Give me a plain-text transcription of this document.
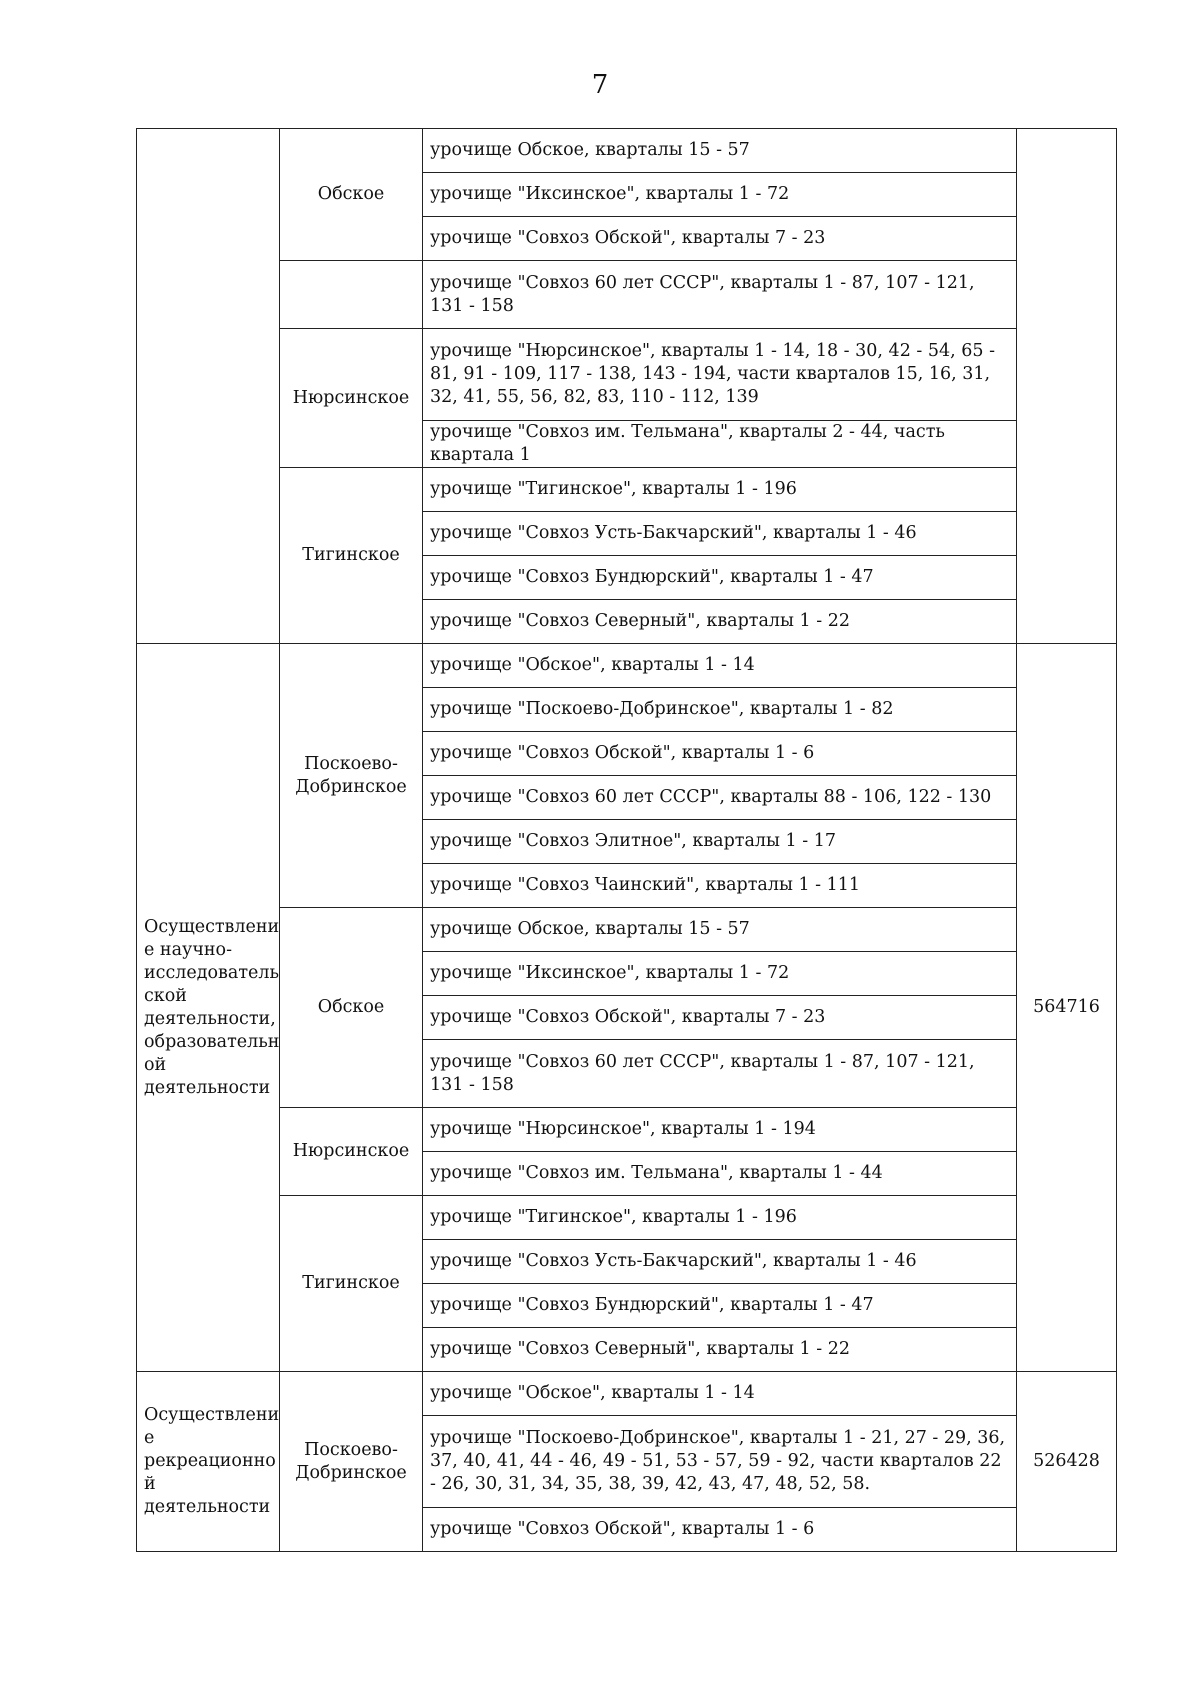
7
	Обское	урочище Обское, кварталы 15 - 57	
		урочище "Иксинское", кварталы 1 - 72	
		урочище "Совхоз Обской", кварталы 7 - 23	
		урочище "Совхоз 60 лет СССР", кварталы 1 - 87, 107 - 121, 131 - 158	
	Нюрсинское	урочище "Нюрсинское", кварталы 1 - 14, 18 - 30, 42 - 54, 65 - 81, 91 - 109, 117 - 138, 143 - 194, части кварталов 15, 16, 31, 32, 41, 55, 56, 82, 83, 110 - 112, 139	
		урочище "Совхоз им. Тельмана", кварталы 2 - 44, часть квартала 1	
	Тигинское	урочище "Тигинское", кварталы 1 - 196	
		урочище "Совхоз Усть-Бакчарский", кварталы 1 - 46	
		урочище "Совхоз Бундюрский", кварталы 1 - 47	
		урочище "Совхоз Северный", кварталы 1 - 22	
Осуществлени е научно-исследователь ской деятельности, образовательн ой деятельности	Поскоево-Добринское	урочище "Обское", кварталы 1 - 14	564716
		урочище "Поскоево-Добринское", кварталы 1 - 82	
		урочище "Совхоз Обской", кварталы 1 - 6	
		урочище "Совхоз 60 лет СССР", кварталы 88 - 106, 122 - 130	
		урочище "Совхоз Элитное", кварталы 1 - 17	
		урочище "Совхоз Чаинский", кварталы 1 - 111	
	Обское	урочище Обское, кварталы 15 - 57	
		урочище "Иксинское", кварталы 1 - 72	
		урочище "Совхоз Обской", кварталы 7 - 23	
		урочище "Совхоз 60 лет СССР", кварталы 1 - 87, 107 - 121, 131 - 158	
	Нюрсинское	урочище "Нюрсинское", кварталы 1 - 194	
		урочище "Совхоз им. Тельмана", кварталы 1 - 44	
	Тигинское	урочище "Тигинское", кварталы 1 - 196	
		урочище "Совхоз Усть-Бакчарский", кварталы 1 - 46	
		урочище "Совхоз Бундюрский", кварталы 1 - 47	
		урочище "Совхоз Северный", кварталы 1 - 22	
Осуществлени е рекреационно й деятельности	Поскоево-Добринское	урочище "Обское", кварталы 1 - 14	526428
		урочище "Поскоево-Добринское", кварталы 1 - 21, 27 - 29, 36, 37, 40, 41, 44 - 46, 49 - 51, 53 - 57, 59 - 92, части кварталов 22 - 26, 30, 31, 34, 35, 38, 39, 42, 43, 47, 48, 52, 58.	
		урочище "Совхоз Обской", кварталы 1 - 6	
